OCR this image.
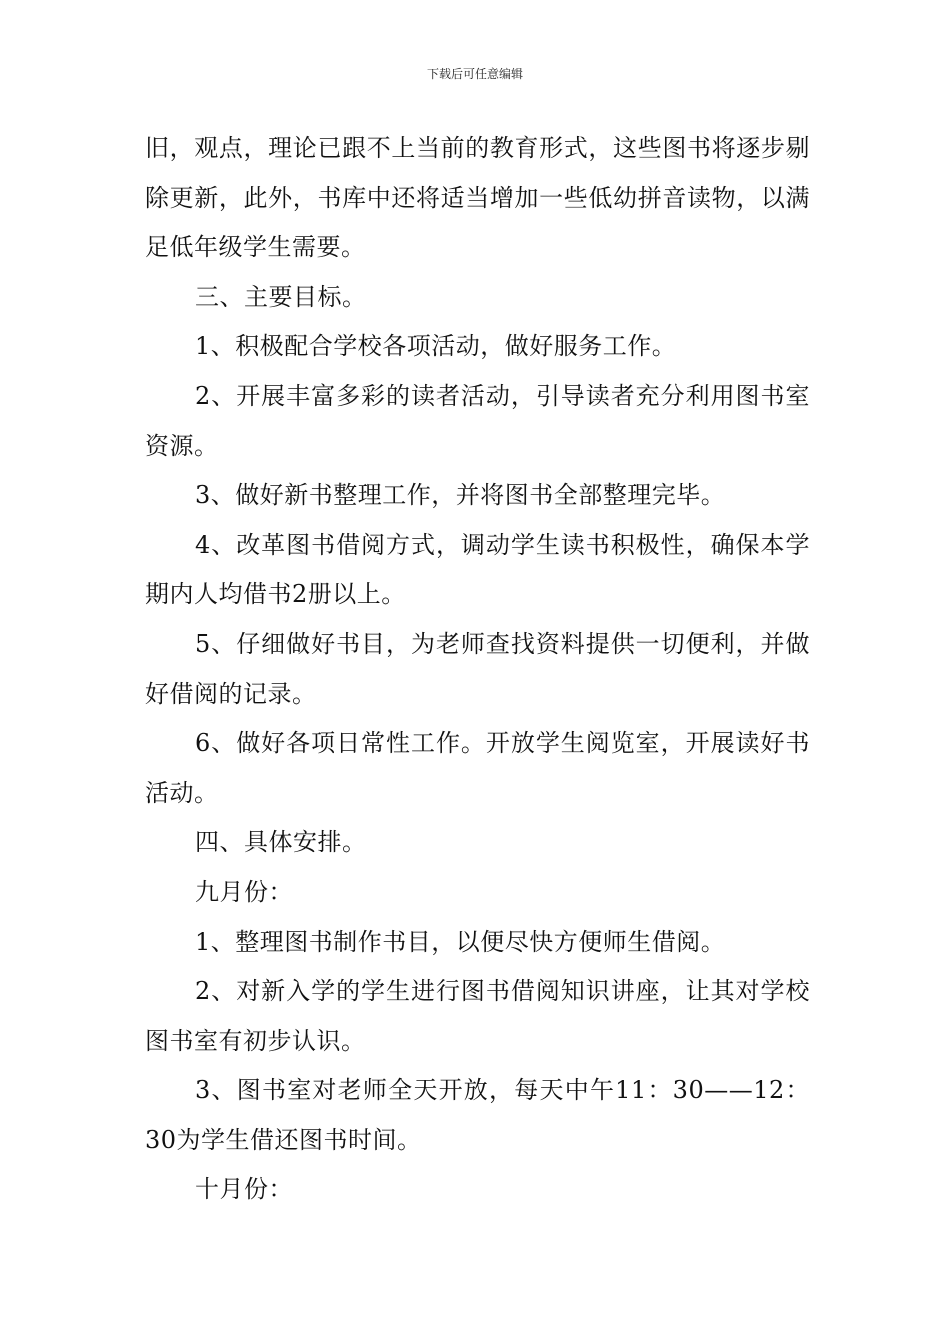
下载后可任意编辑

旧，观点，理论已跟不上当前的教育形式，这些图书将逐步剔除更新，此外，书库中还将适当增加一些低幼拼音读物，以满足低年级学生需要。

三、主要目标。

1、积极配合学校各项活动，做好服务工作。

2、开展丰富多彩的读者活动，引导读者充分利用图书室资源。

3、做好新书整理工作，并将图书全部整理完毕。

4、改革图书借阅方式，调动学生读书积极性，确保本学期内人均借书2册以上。

5、仔细做好书目，为老师查找资料提供一切便利，并做好借阅的记录。

6、做好各项日常性工作。开放学生阅览室，开展读好书活动。

四、具体安排。

九月份：

1、整理图书制作书目，以便尽快方便师生借阅。

2、对新入学的学生进行图书借阅知识讲座，让其对学校图书室有初步认识。

3、图书室对老师全天开放，每天中午11：30——12：30为学生借还图书时间。

十月份：
